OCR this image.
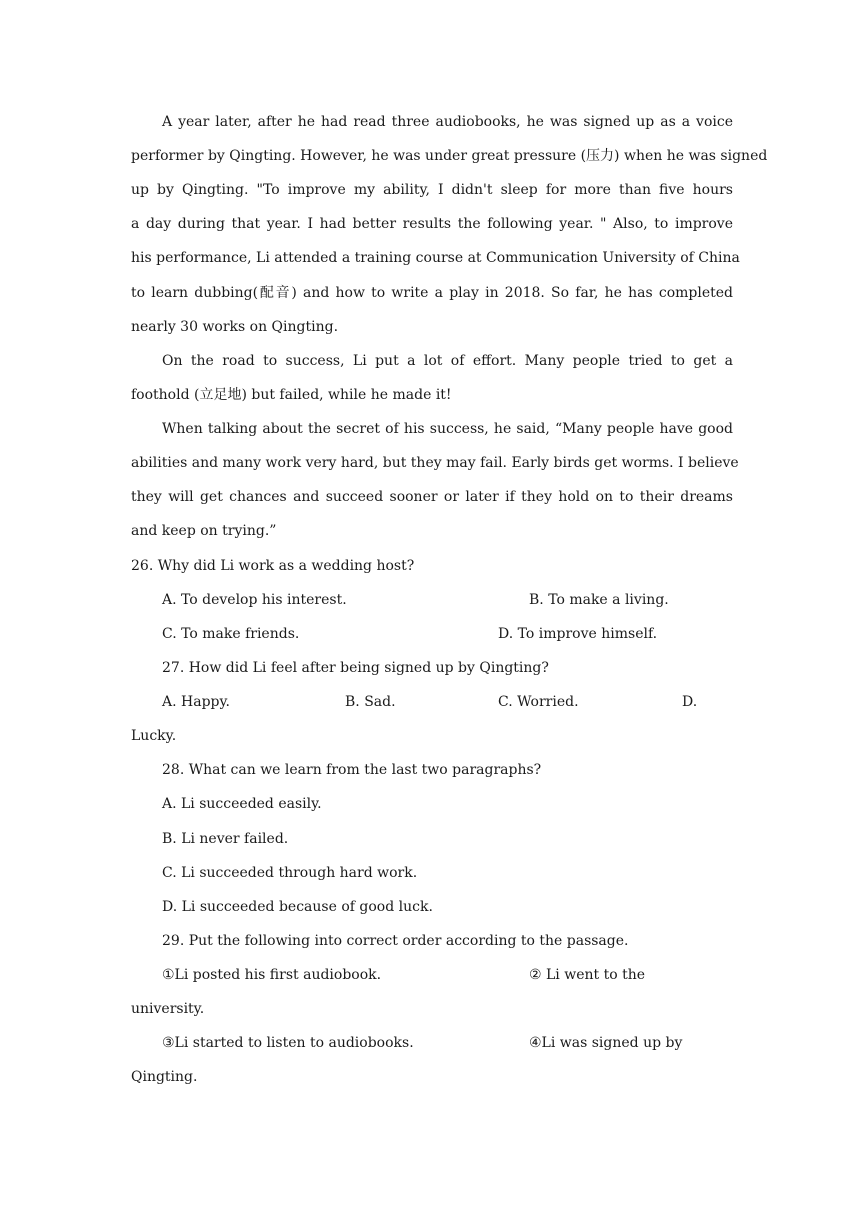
A year later, after he had read three audiobooks, he was signed up as a voice
performer by Qingting. However, he was under great pressure (压力) when he was signed
up by Qingting. "To improve my ability, I didn't sleep for more than five hours
a day during that year. I had better results the following year. " Also, to improve
his performance, Li attended a training course at Communication University of China
to learn dubbing(配音) and how to write a play in 2018. So far, he has completed
nearly 30 works on Qingting.
On the road to success, Li put a lot of effort. Many people tried to get a
foothold (立足地) but failed, while he made it!
When talking about the secret of his success, he said, “Many people have good
abilities and many work very hard, but they may fail. Early birds get worms. I believe
they will get chances and succeed sooner or later if they hold on to their dreams
and keep on trying.”
26. Why did Li work as a wedding host?
A. To develop his interest.	B. To make a living.
C. To make friends.	D. To improve himself.
27. How did Li feel after being signed up by Qingting?
A. Happy.	B. Sad.	C. Worried.	D.
Lucky.
28. What can we learn from the last two paragraphs?
A. Li succeeded easily.
B. Li never failed.
C. Li succeeded through hard work.
D. Li succeeded because of good luck.
29. Put the following into correct order according to the passage.
①Li posted his first audiobook.	② Li went to the
university.
③Li started to listen to audiobooks.	④Li was signed up by
Qingting.
